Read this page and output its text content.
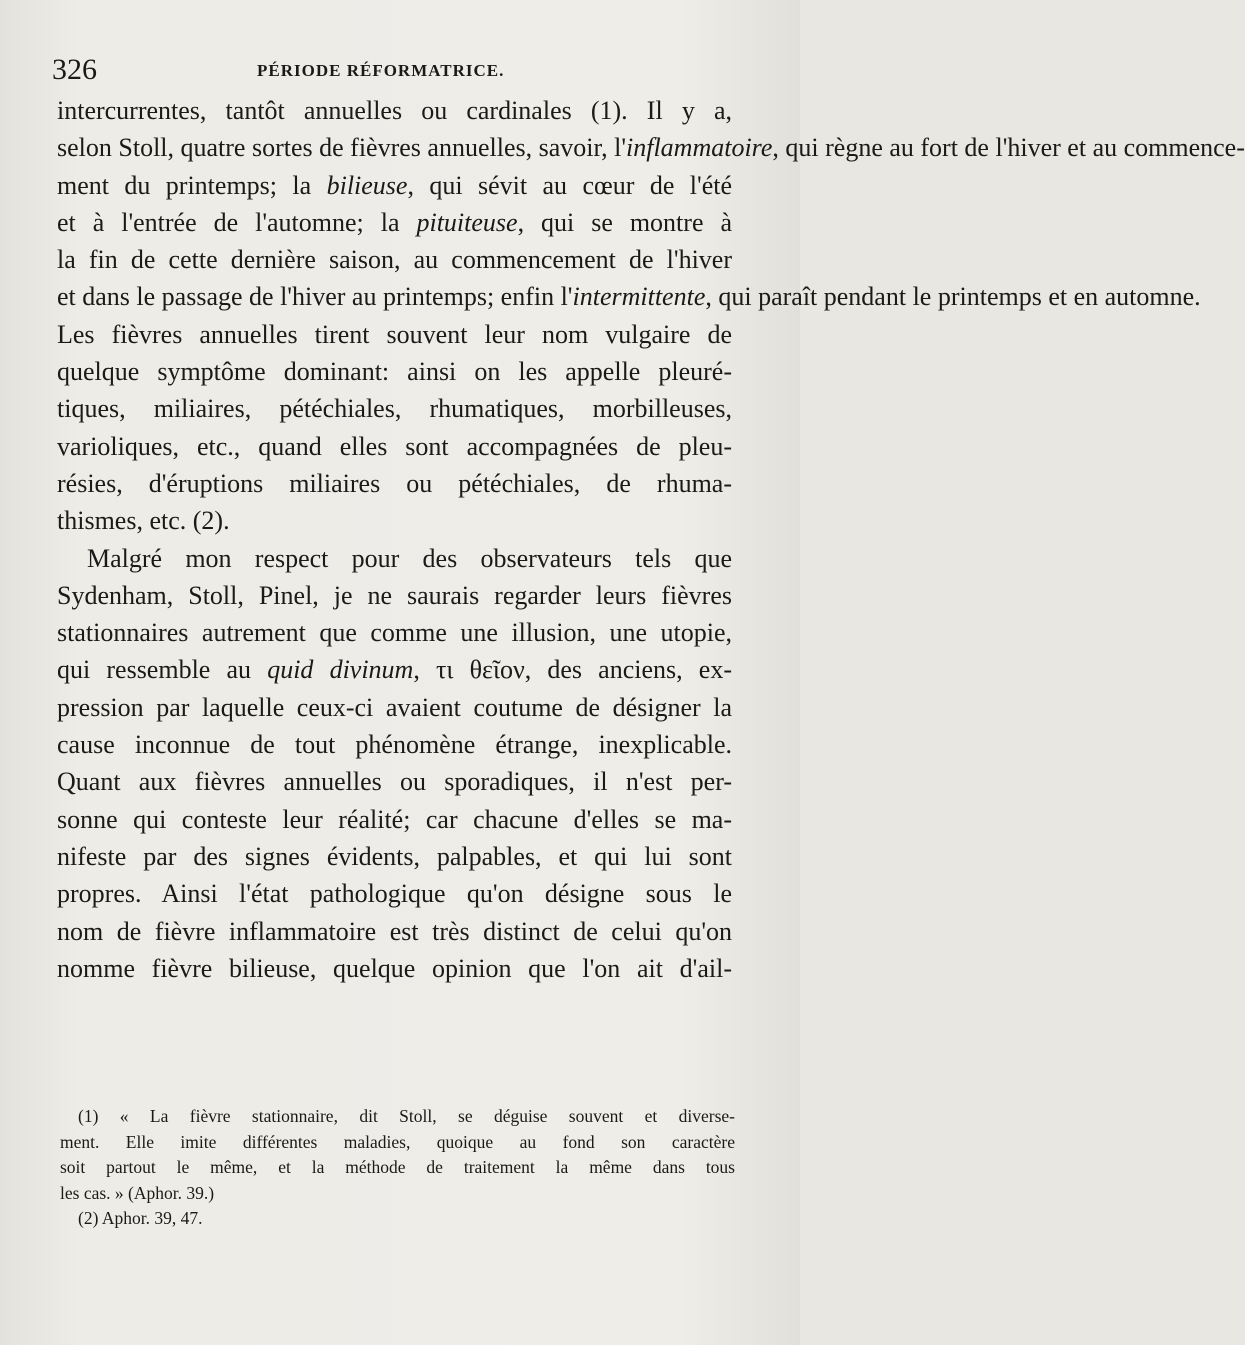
326	PÉRIODE RÉFORMATRICE.
intercurrentes, tantôt annuelles ou cardinales (1). Il y a,
selon Stoll, quatre sortes de fièvres annuelles, savoir, l'inflammatoire, qui règne au fort de l'hiver et au commence-
ment du printemps; la bilieuse, qui sévit au cœur de l'été
et à l'entrée de l'automne; la pituiteuse, qui se montre à
la fin de cette dernière saison, au commencement de l'hiver
et dans le passage de l'hiver au printemps; enfin l'intermittente, qui paraît pendant le printemps et en automne.
Les fièvres annuelles tirent souvent leur nom vulgaire de
quelque symptôme dominant: ainsi on les appelle pleuré-
tiques, miliaires, pétéchiales, rhumatiques, morbilleuses,
varioliques, etc., quand elles sont accompagnées de pleu-
résies, d'éruptions miliaires ou pétéchiales, de rhuma-
thismes, etc. (2).
Malgré mon respect pour des observateurs tels que
Sydenham, Stoll, Pinel, je ne saurais regarder leurs fièvres
stationnaires autrement que comme une illusion, une utopie,
qui ressemble au quid divinum, τι θεῖον, des anciens, ex-
pression par laquelle ceux-ci avaient coutume de désigner la
cause inconnue de tout phénomène étrange, inexplicable.
Quant aux fièvres annuelles ou sporadiques, il n'est per-
sonne qui conteste leur réalité; car chacune d'elles se ma-
nifeste par des signes évidents, palpables, et qui lui sont
propres. Ainsi l'état pathologique qu'on désigne sous le
nom de fièvre inflammatoire est très distinct de celui qu'on
nomme fièvre bilieuse, quelque opinion que l'on ait d'ail-
(1) « La fièvre stationnaire, dit Stoll, se déguise souvent et diverse-
ment. Elle imite différentes maladies, quoique au fond son caractère
soit partout le même, et la méthode de traitement la même dans tous
les cas. » (Aphor. 39.)
(2) Aphor. 39, 47.
